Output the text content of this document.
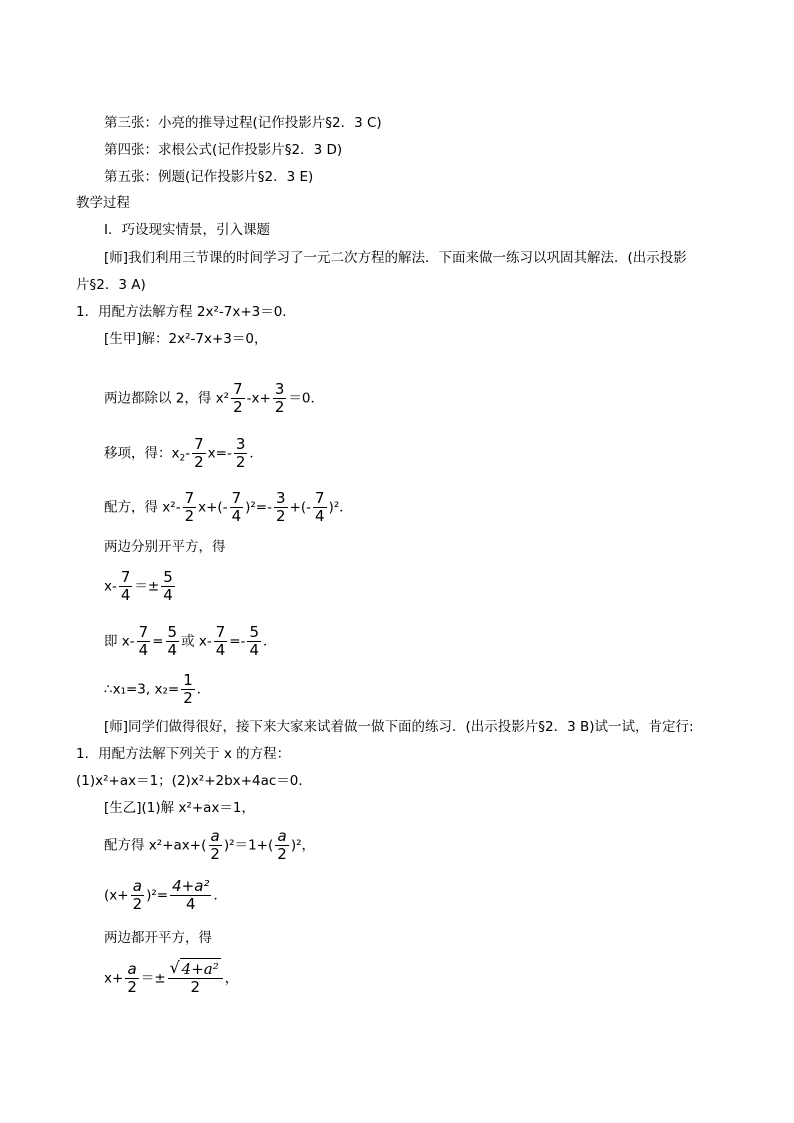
第三张：小亮的推导过程(记作投影片§2．3 C)
第四张：求根公式(记作投影片§2．3 D)
第五张：例题(记作投影片§2．3 E)
教学过程
Ⅰ．巧设现实情景，引入课题
[师]我们利用三节课的时间学习了一元二次方程的解法．下面来做一练习以巩固其解法．(出示投影
片§2．3 A)
1．用配方法解方程 2x²-7x+3＝0．
[生甲]解：2x²-7x+3＝0，
两边都除以 2，得 $x^2 \frac{7}{2} -x+ \frac{3}{2} =0$．
移项，得：$x_2- \frac{7}{2} x=- \frac{3}{2}$ ．
配方，得 $x^2- \frac{7}{2} x+(- \frac{7}{4} )^2=- \frac{3}{2}$ +(- $\frac{7}{4} )^2$．
两边分别开平方，得
$x- \frac{7}{4} =\pm \frac{5}{4}$
即 $x- \frac{7}{4} = \frac{5}{4}$ 或 $x- \frac{7}{4} =- \frac{5}{4}$ ．
∴x₁=3, $x_2= \frac{1}{2}$ ．
[师]同学们做得很好，接下来大家来试着做一做下面的练习．(出示投影片§2．3 B)试一试，肯定行:
1．用配方法解下列关于 x 的方程：
(1)x²+ax＝1；(2)x²+2bx+4ac＝0．
[生乙](1)解 x²+ax＝1，
配方得 $x^2+ax+( \frac{a}{2} )^2=1+( \frac{a}{2} )^2$，
$(x+ \frac{a}{2} )^2= \frac{\text{4+a²}}{4}$ ．
两边都开平方，得
$x+ \frac{a}{2} =\pm \frac{\text{√ 4+a²}}{2}$ ，
